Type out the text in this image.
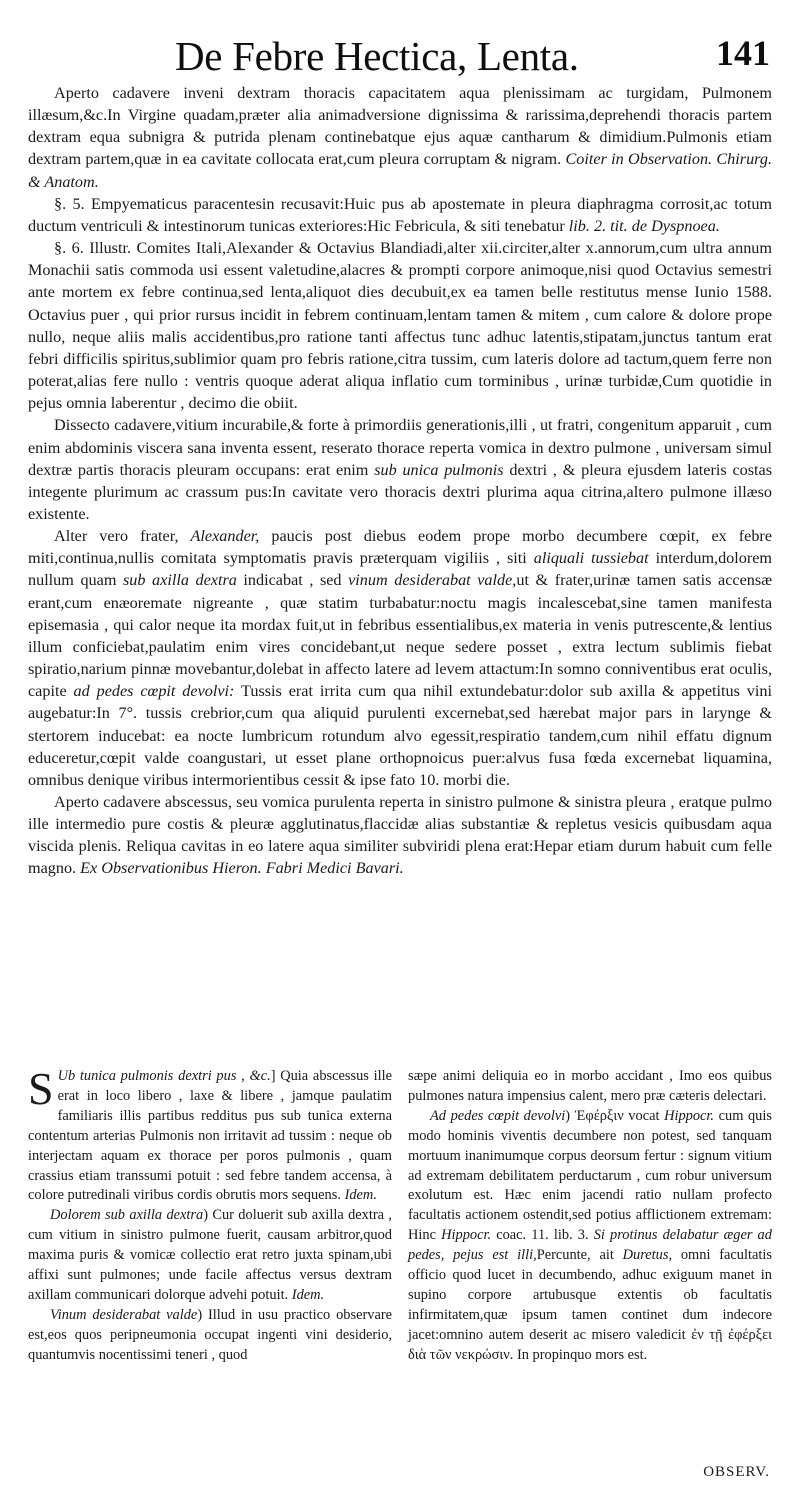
De Febre Hectica, Lenta.	141

Aperto cadavere inveni dextram thoracis capacitatem aqua plenissimam ac turgidam, Pulmonem illæsum,&c.In Virgine quadam,præter alia animadversione dignissima & rarissima,deprehendi thoracis partem dextram equa subnigra & putrida plenam continebatque ejus aquæ cantharum & dimidium.Pulmonis etiam dextram partem,quæ in ea cavitate collocata erat,cum pleura corruptam & nigram. Coiter in Observation. Chirurg. & Anatom.

§. 5. Empyematicus paracentesin recusavit:Huic pus ab apostemate in pleura diaphragma corrosit,ac totum ductum ventriculi & intestinorum tunicas exteriores:Hic Febricula, & siti tenebatur lib. 2. tit. de Dyspnoea.

§. 6. Illustr. Comites Itali,Alexander & Octavius Blandiadi,alter xii.circiter,alter x.annorum,cum ultra annum Monachii satis commoda usi essent valetudine,alacres & prompti corpore animoque,nisi quod Octavius semestri ante mortem ex febre continua,sed lenta,aliquot dies decubuit,ex ea tamen belle restitutus mense Iunio 1588. Octavius puer , qui prior rursus incidit in febrem continuam,lentam tamen & mitem , cum calore & dolore prope nullo, neque aliis malis accidentibus,pro ratione tanti affectus tunc adhuc latentis,stipatam,junctus tantum erat febri difficilis spiritus,sublimior quam pro febris ratione,citra tussim, cum lateris dolore ad tactum,quem ferre non poterat,alias fere nullo : ventris quoque aderat aliqua inflatio cum torminibus , urinæ turbidæ,Cum quotidie in pejus omnia laberentur , decimo die obiit.

Dissecto cadavere,vitium incurabile,& forte à primordiis generationis,illi , ut fratri, congenitum apparuit , cum enim abdominis viscera sana inventa essent, reserato thorace reperta vomica in dextro pulmone , universam simul dextræ partis thoracis pleuram occupans: erat enim sub unica pulmonis dextri , & pleura ejusdem lateris costas integente plurimum ac crassum pus:In cavitate vero thoracis dextri plurima aqua citrina,altero pulmone illæso existente.

Alter vero frater, Alexander, paucis post diebus eodem prope morbo decumbere cœpit, ex febre miti,continua,nullis comitata symptomatis pravis præterquam vigiliis , siti aliquali tussiebat interdum,dolorem nullum quam sub axilla dextra indicabat , sed vinum desiderabat valde,ut & frater,urinæ tamen satis accensæ erant,cum enæoremate nigreante , quæ statim turbabatur:noctu magis incalescebat,sine tamen manifesta episemasia , qui calor neque ita mordax fuit,ut in febribus essentialibus,ex materia in venis putrescente,& lentius illum conficiebat,paulatim enim vires concidebant,ut neque sedere posset , extra lectum sublimis fiebat spiratio,narium pinnæ movebantur,dolebat in affecto latere ad levem attactum:In somno conniventibus erat oculis, capite ad pedes cœpit devolvi: Tussis erat irrita cum qua nihil extundebatur:dolor sub axilla & appetitus vini augebatur:In 7°. tussis crebrior,cum qua aliquid purulenti excernebat,sed hærebat major pars in larynge & stertorem inducebat: ea nocte lumbricum rotundum alvo egessit,respiratio tandem,cum nihil effatu dignum educeretur,cœpit valde coangustari, ut esset plane orthopnoicus puer:alvus fusa fœda excernebat liquamina, omnibus denique viribus intermorientibus cessit & ipse fato 10. morbi die.

Aperto cadavere abscessus, seu vomica purulenta reperta in sinistro pulmone & sinistra pleura , eratque pulmo ille intermedio pure costis & pleuræ agglutinatus,flaccidæ alias substantiæ & repletus vesicis quibusdam aqua viscida plenis. Reliqua cavitas in eo latere aqua similiter subviridi plena erat:Hepar etiam durum habuit cum felle magno. Ex Observationibus Hieron. Fabri Medici Bavari.

S Ub tunica pulmonis dextri pus , &c.] Quia abscessus ille erat in loco libero , laxe & libere , jamque paulatim familiaris illis partibus redditus pus sub tunica externa contentum arterias Pulmonis non irritavit ad tussim : neque ob interjectam aquam ex thorace per poros pulmonis , quam crassius etiam transsumi potuit : sed febre tandem accensa, à colore putredinali viribus cordis obrutis mors sequens. Idem.

Dolorem sub axilla dextra) Cur doluerit sub axilla dextra , cum vitium in sinistro pulmone fuerit, causam arbitror,quod maxima puris & vomicæ collectio erat retro juxta spinam,ubi affixi sunt pulmones; unde facile affectus versus dextram axillam communicari dolorque advehi potuit. Idem.

Vinum desiderabat valde) Illud in usu practico observare est,eos quos peripneumonia occupat ingenti vini desiderio, quantumvis nocentissimi teneri , quod

sæpe animi deliquia eo in morbo accidant , Imo eos quibus pulmones natura impensius calent, mero præ cæteris delectari.

Ad pedes cœpit devolvi) Ἐφέρξιν vocat Hippocr. cum quis modo hominis viventis decumbere non potest, sed tanquam mortuum inanimumque corpus deorsum fertur : signum vitium ad extremam debilitatem perductarum , cum robur universum exolutum est. Hæc enim jacendi ratio nullam profecto facultatis actionem ostendit,sed potius afflictionem extremam: Hinc Hippocr. coac. 11. lib. 3. Si protinus delabatur æger ad pedes, pejus est illi,Percunte, ait Duretus, omni facultatis officio quod lucet in decumbendo, adhuc exiguum manet in supino corpore artubusque extentis ob facultatis infirmitatem,quæ ipsum tamen continet dum indecore jacet:omnino autem deserit ac misero valedicit ἐν τῇ ἐφέρξει διὰ τῶν νεκρώσιν. In propinquo mors est.

OBSERV.
